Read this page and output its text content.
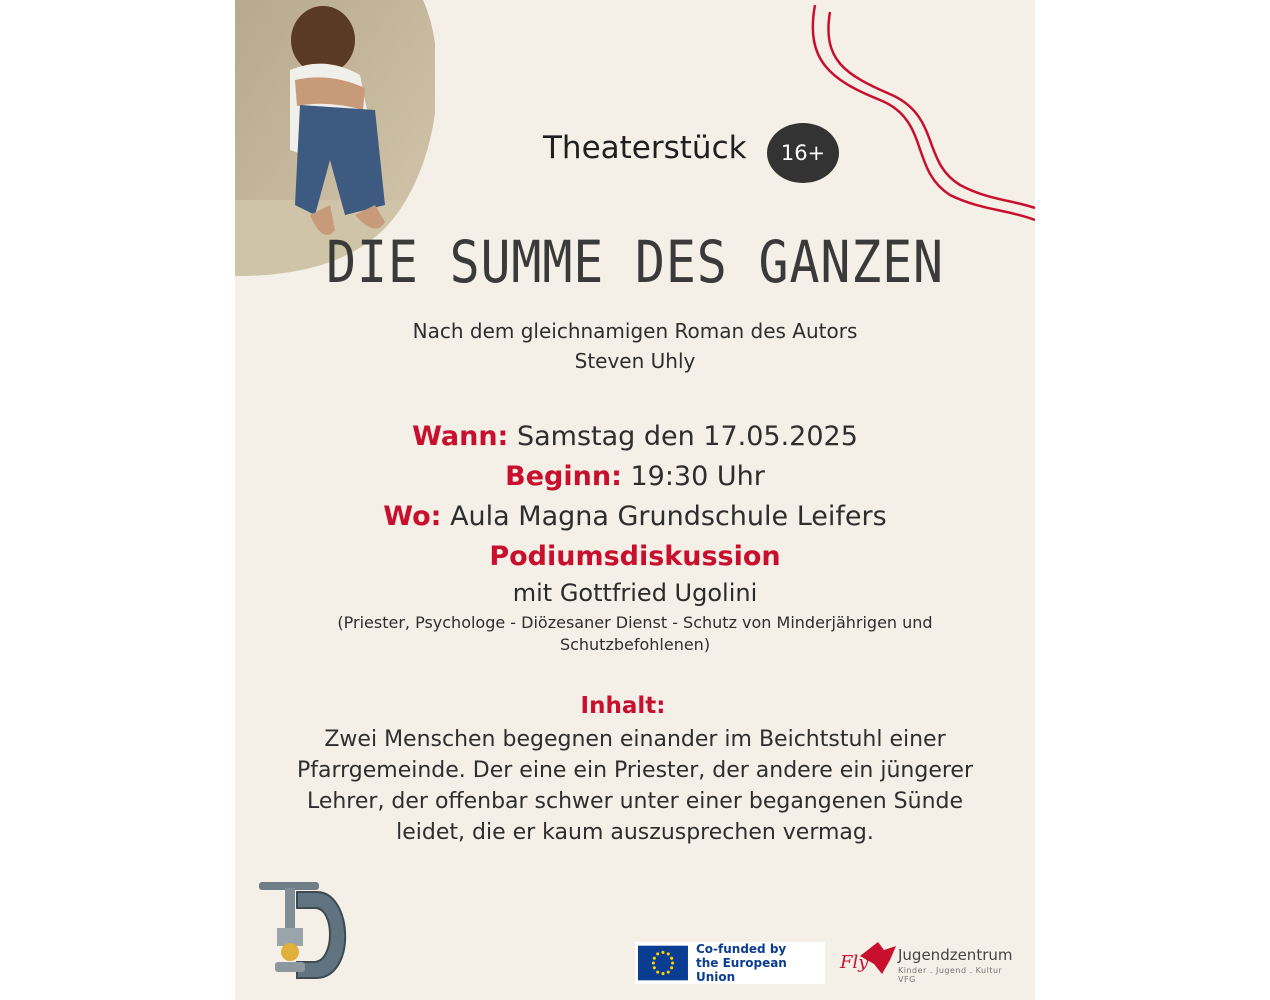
Theaterstück	16+
DIE SUMME DES GANZEN
Nach dem gleichnamigen Roman des Autors
Steven Uhly
Wann: Samstag den 17.05.2025
Beginn: 19:30 Uhr
Wo: Aula Magna Grundschule Leifers
Podiumsdiskussion
mit Gottfried Ugolini
(Priester, Psychologe - Diözesaner Dienst - Schutz von Minderjährigen und
Schutzbefohlenen)
Inhalt:
Zwei Menschen begegnen einander im Beichtstuhl einer
Pfarrgemeinde. Der eine ein Priester, der andere ein jüngerer
Lehrer, der offenbar schwer unter einer begangenen Sünde
leidet, die er kaum auszusprechen vermag.
Co-funded by
the European Union
Fly Jugendzentrum
Kinder . Jugend . Kultur VFG
